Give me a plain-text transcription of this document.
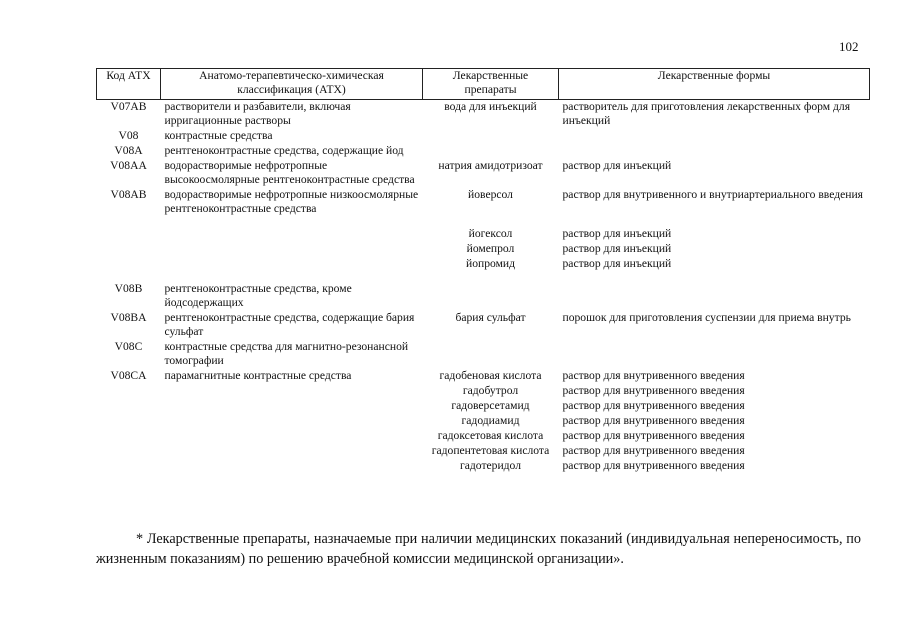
102
Код АТХ	Анатомо-терапевтическо-химическая классификация (АТХ)	Лекарственные препараты	Лекарственные формы
V07AB	растворители и разбавители, включая ирригационные растворы	вода для инъекций	растворитель для приготовления лекарственных форм для инъекций
V08	контрастные средства		
V08A	рентгеноконтрастные средства, содержащие йод		
V08AA	водорастворимые нефротропные высокоосмолярные рентгеноконтрастные средства	натрия амидотризоат	раствор для инъекций
V08AB	водорастворимые нефротропные низкоосмолярные рентгеноконтрастные средства	йоверсол	раствор для внутривенного и внутриартериального введения
		йогексол	раствор для инъекций
		йомепрол	раствор для инъекций
		йопромид	раствор для инъекций
V08B	рентгеноконтрастные средства, кроме йодсодержащих		
V08BA	рентгеноконтрастные средства, содержащие бария сульфат	бария сульфат	порошок для приготовления суспензии для приема внутрь
V08C	контрастные средства для магнитно-резонансной томографии		
V08CA	парамагнитные контрастные средства	гадобеновая кислота	раствор для внутривенного введения
		гадобутрол	раствор для внутривенного введения
		гадоверсетамид	раствор для внутривенного введения
		гадодиамид	раствор для внутривенного введения
		гадоксетовая кислота	раствор для внутривенного введения
		гадопентетовая кислота	раствор для внутривенного введения
		гадотеридол	раствор для внутривенного введения
* Лекарственные препараты, назначаемые при наличии медицинских показаний (индивидуальная непереносимость, по жизненным показаниям) по решению врачебной комиссии медицинской организации».
